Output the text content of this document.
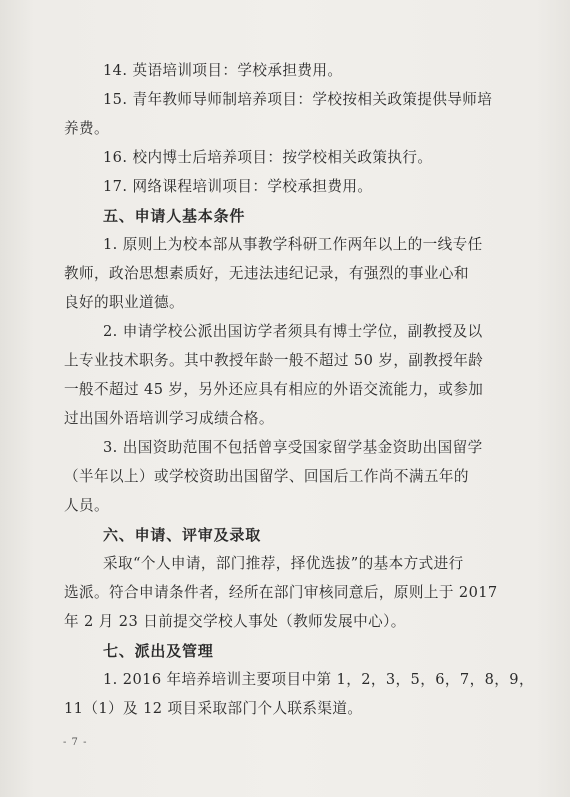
14. 英语培训项目：学校承担费用。
15. 青年教师导师制培养项目：学校按相关政策提供导师培
养费。
16. 校内博士后培养项目：按学校相关政策执行。
17. 网络课程培训项目：学校承担费用。
五、申请人基本条件
1. 原则上为校本部从事教学科研工作两年以上的一线专任
教师，政治思想素质好，无违法违纪记录，有强烈的事业心和
良好的职业道德。
2. 申请学校公派出国访学者须具有博士学位，副教授及以
上专业技术职务。其中教授年龄一般不超过 50 岁，副教授年龄
一般不超过 45 岁，另外还应具有相应的外语交流能力，或参加
过出国外语培训学习成绩合格。
3. 出国资助范围不包括曾享受国家留学基金资助出国留学
（半年以上）或学校资助出国留学、回国后工作尚不满五年的
人员。
六、申请、评审及录取
采取“个人申请，部门推荐，择优选拔”的基本方式进行
选派。符合申请条件者，经所在部门审核同意后，原则上于 2017
年 2 月 23 日前提交学校人事处（教师发展中心）。
七、派出及管理
1. 2016 年培养培训主要项目中第 1，2，3，5，6，7，8，9，
11（1）及 12 项目采取部门个人联系渠道。
- 7 -
